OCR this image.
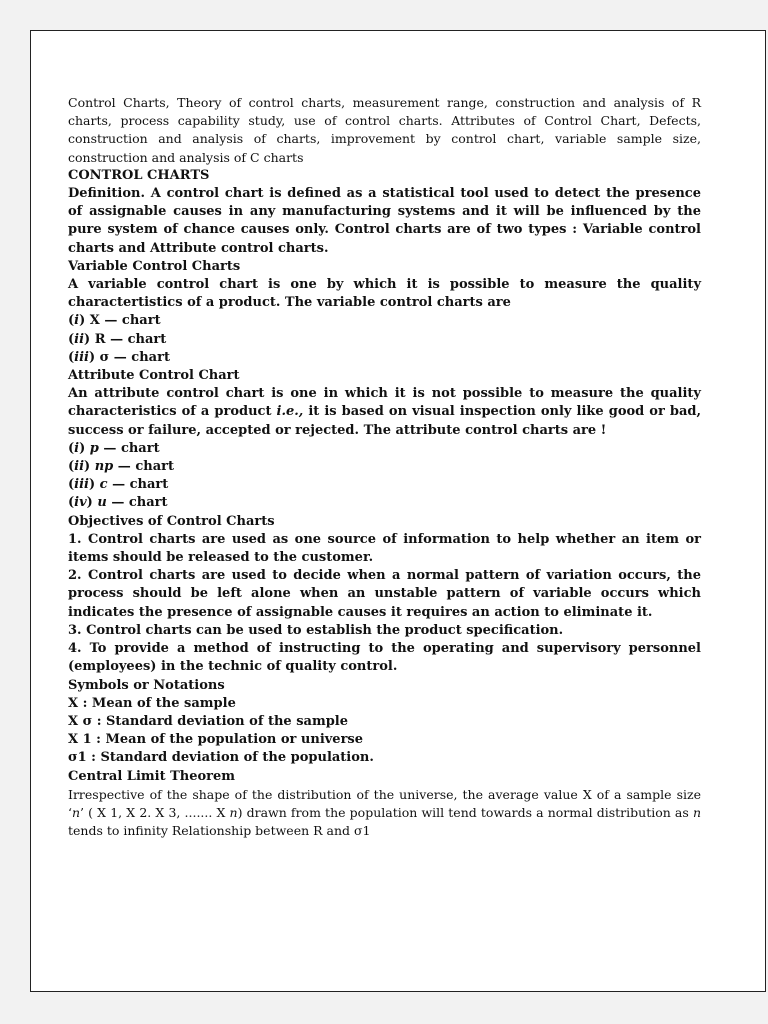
Control Charts, Theory of control charts, measurement range, construction and analysis of R charts, process capability study, use of control charts. Attributes of Control Chart, Defects, construction and analysis of charts, improvement by control chart, variable sample size, construction and analysis of C charts

CONTROL CHARTS

Definition. A control chart is defined as a statistical tool used to detect the presence of assignable causes in any manufacturing systems and it will be influenced by the pure system of chance causes only. Control charts are of two types : Variable control charts and Attribute control charts.

Variable Control Charts

A variable control chart is one by which it is possible to measure the quality charactertistics of a product. The variable control charts are

(i) X — chart

(ii) R — chart

(iii) σ — chart

Attribute Control Chart

An attribute control chart is one in which it is not possible to measure the quality characteristics of a product i.e., it is based on visual inspection only like good or bad, success or failure, accepted or rejected. The attribute control charts are !

(i) p — chart

(ii) np — chart

(iii) c — chart

(iv) u — chart

Objectives of Control Charts

1. Control charts are used as one source of information to help whether an item or items should be released to the customer.

2. Control charts are used to decide when a normal pattern of variation occurs, the process should be left alone when an unstable pattern of variable occurs which indicates the presence of assignable causes it requires an action to eliminate it.

3. Control charts can be used to establish the product specification.

4. To provide a method of instructing to the operating and supervisory personnel (employees) in the technic of quality control.

Symbols or Notations

X : Mean of the sample

X σ : Standard deviation of the sample

X 1 : Mean of the population or universe

σ1 : Standard deviation of the population.

Central Limit Theorem

Irrespective of the shape of the distribution of the universe, the average value X of a sample size ‘n’ ( X 1, X 2. X 3, ....... X n) drawn from the population will tend towards a normal distribution as n tends to infinity Relationship between R and σ1
